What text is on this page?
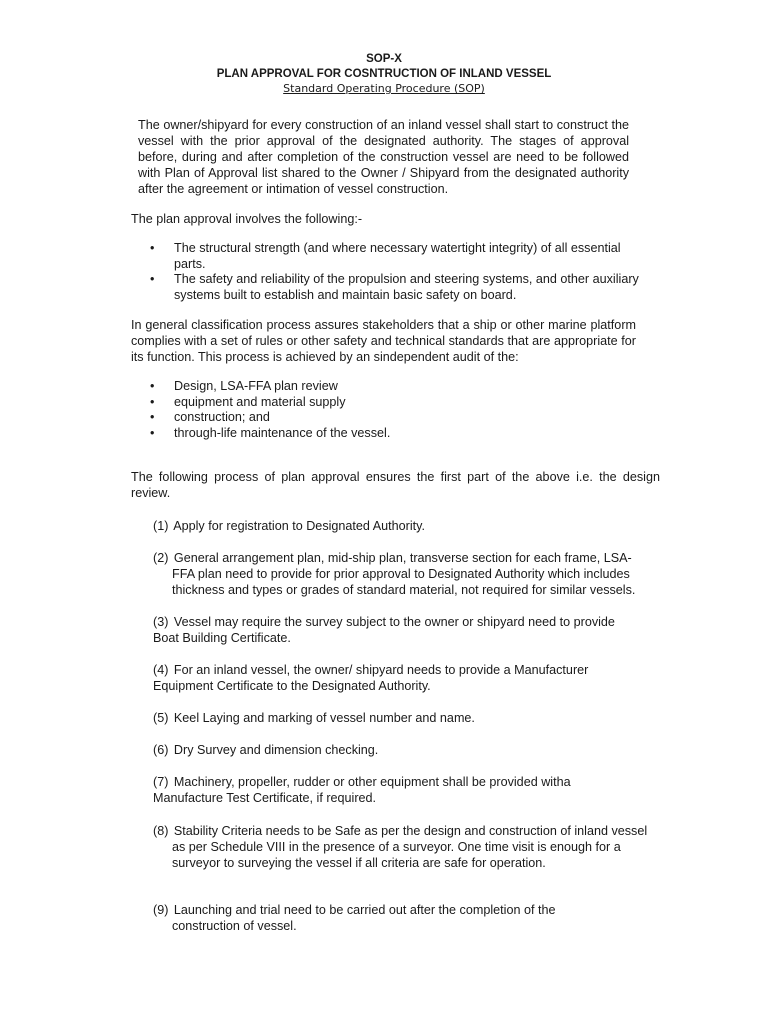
SOP-X
PLAN APPROVAL FOR COSNTRUCTION OF INLAND VESSEL
Standard Operating Procedure (SOP)
The owner/shipyard for every construction of an inland vessel shall start to construct the vessel with the prior approval of the designated authority. The stages of approval before, during and after completion of the construction vessel are need to be followed with Plan of Approval list shared to the Owner / Shipyard from the designated authority after the agreement or intimation of vessel construction.
The plan approval involves the following:-
• The structural strength (and where necessary watertight integrity) of all essential parts.
• The safety and reliability of the propulsion and steering systems, and other auxiliary systems built to establish and maintain basic safety on board.
In general classification process assures stakeholders that a ship or other marine platform complies with a set of rules or other safety and technical standards that are appropriate for its function. This process is achieved by an sindependent audit of the:
• Design, LSA-FFA plan review
• equipment and material supply
• construction; and
• through-life maintenance of the vessel.
The following process of plan approval ensures the first part of the above i.e. the design review.
(1) Apply for registration to Designated Authority.
(2) General arrangement plan, mid-ship plan, transverse section for each frame, LSA-FFA plan need to provide for prior approval to Designated Authority which includes thickness and types or grades of standard material, not required for similar vessels.
(3) Vessel may require the survey subject to the owner or shipyard need to provide Boat Building Certificate.
(4) For an inland vessel, the owner/ shipyard needs to provide a Manufacturer Equipment Certificate to the Designated Authority.
(5) Keel Laying and marking of vessel number and name.
(6) Dry Survey and dimension checking.
(7) Machinery, propeller, rudder or other equipment shall be provided witha Manufacture Test Certificate, if required.
(8) Stability Criteria needs to be Safe as per the design and construction of inland vessel as per Schedule VIII in the presence of a surveyor. One time visit is enough for a surveyor to surveying the vessel if all criteria are safe for operation.
(9) Launching and trial need to be carried out after the completion of the construction of vessel.
